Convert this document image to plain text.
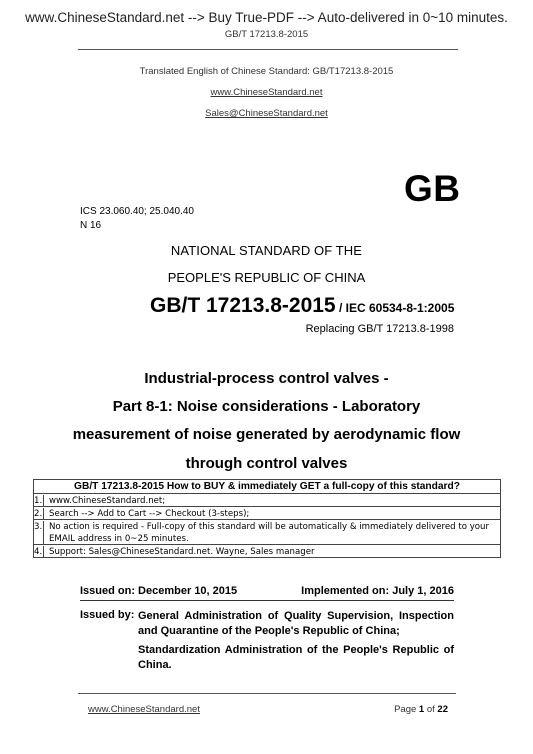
www.ChineseStandard.net --> Buy True-PDF --> Auto-delivered in 0~10 minutes.
GB/T 17213.8-2015
Translated English of Chinese Standard: GB/T17213.8-2015
www.ChineseStandard.net
Sales@ChineseStandard.net
GB
ICS 23.060.40; 25.040.40
N 16
NATIONAL STANDARD OF THE
PEOPLE'S REPUBLIC OF CHINA
GB/T 17213.8-2015 / IEC 60534-8-1:2005
Replacing GB/T 17213.8-1998
Industrial-process control valves -
Part 8-1: Noise considerations - Laboratory
measurement of noise generated by aerodynamic flow
through control valves
GB/T 17213.8-2015 How to BUY & immediately GET a full-copy of this standard?
1. www.ChineseStandard.net;
2. Search --> Add to Cart --> Checkout (3-steps);
3. No action is required - Full-copy of this standard will be automatically & immediately delivered to your EMAIL address in 0~25 minutes.
4. Support: Sales@ChineseStandard.net. Wayne, Sales manager
Issued on: December 10, 2015	Implemented on: July 1, 2016
Issued by: General Administration of Quality Supervision, Inspection and Quarantine of the People's Republic of China;
Standardization Administration of the People's Republic of China.
www.ChineseStandard.net	Page 1 of 22
